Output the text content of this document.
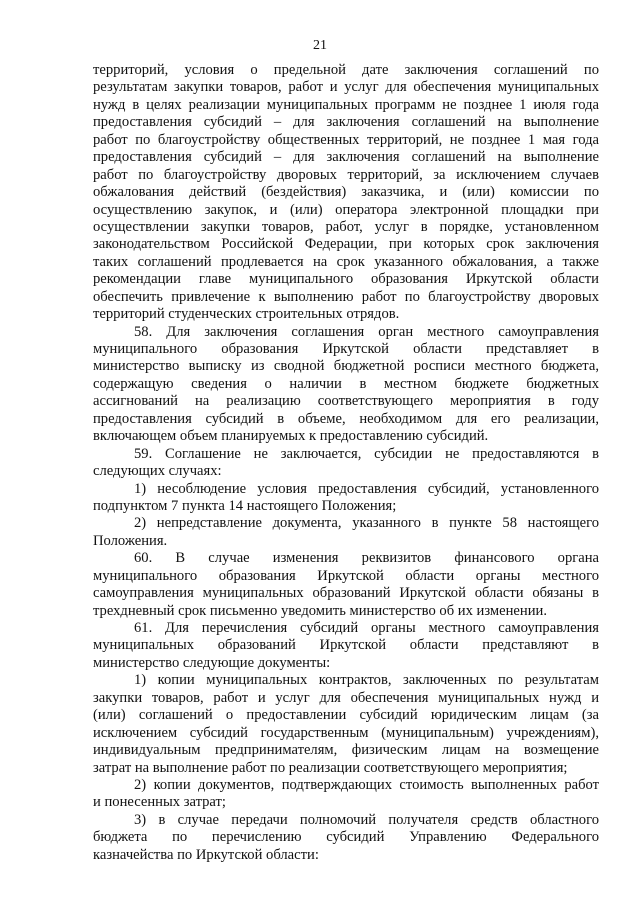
21
территорий, условия о предельной дате заключения соглашений по
результатам закупки товаров, работ и услуг для обеспечения муниципальных
нужд в целях реализации муниципальных программ не позднее 1 июля года
предоставления субсидий – для заключения соглашений на выполнение
работ по благоустройству общественных территорий, не позднее 1 мая года
предоставления субсидий – для заключения соглашений на выполнение
работ по благоустройству дворовых территорий, за исключением случаев
обжалования действий (бездействия) заказчика, и (или) комиссии по
осуществлению закупок, и (или) оператора электронной площадки при
осуществлении закупки товаров, работ, услуг в порядке, установленном
законодательством Российской Федерации, при которых срок заключения
таких соглашений продлевается на срок указанного обжалования, а также
рекомендации главе муниципального образования Иркутской области
обеспечить привлечение к выполнению работ по благоустройству дворовых
территорий студенческих строительных отрядов.
58. Для заключения соглашения орган местного самоуправления
муниципального образования Иркутской области представляет в
министерство выписку из сводной бюджетной росписи местного бюджета,
содержащую сведения о наличии в местном бюджете бюджетных
ассигнований на реализацию соответствующего мероприятия в году
предоставления субсидий в объеме, необходимом для его реализации,
включающем объем планируемых к предоставлению субсидий.
59. Соглашение не заключается, субсидии не предоставляются в
следующих случаях:
1) несоблюдение условия предоставления субсидий, установленного
подпунктом 7 пункта 14 настоящего Положения;
2) непредставление документа, указанного в пункте 58 настоящего
Положения.
60. В случае изменения реквизитов финансового органа
муниципального образования Иркутской области органы местного
самоуправления муниципальных образований Иркутской области обязаны в
трехдневный срок письменно уведомить министерство об их изменении.
61. Для перечисления субсидий органы местного самоуправления
муниципальных образований Иркутской области представляют в
министерство следующие документы:
1) копии муниципальных контрактов, заключенных по результатам
закупки товаров, работ и услуг для обеспечения муниципальных нужд и
(или) соглашений о предоставлении субсидий юридическим лицам (за
исключением субсидий государственным (муниципальным) учреждениям),
индивидуальным предпринимателям, физическим лицам на возмещение
затрат на выполнение работ по реализации соответствующего мероприятия;
2) копии документов, подтверждающих стоимость выполненных работ
и понесенных затрат;
3) в случае передачи полномочий получателя средств областного
бюджета по перечислению субсидий Управлению Федерального
казначейства по Иркутской области:
